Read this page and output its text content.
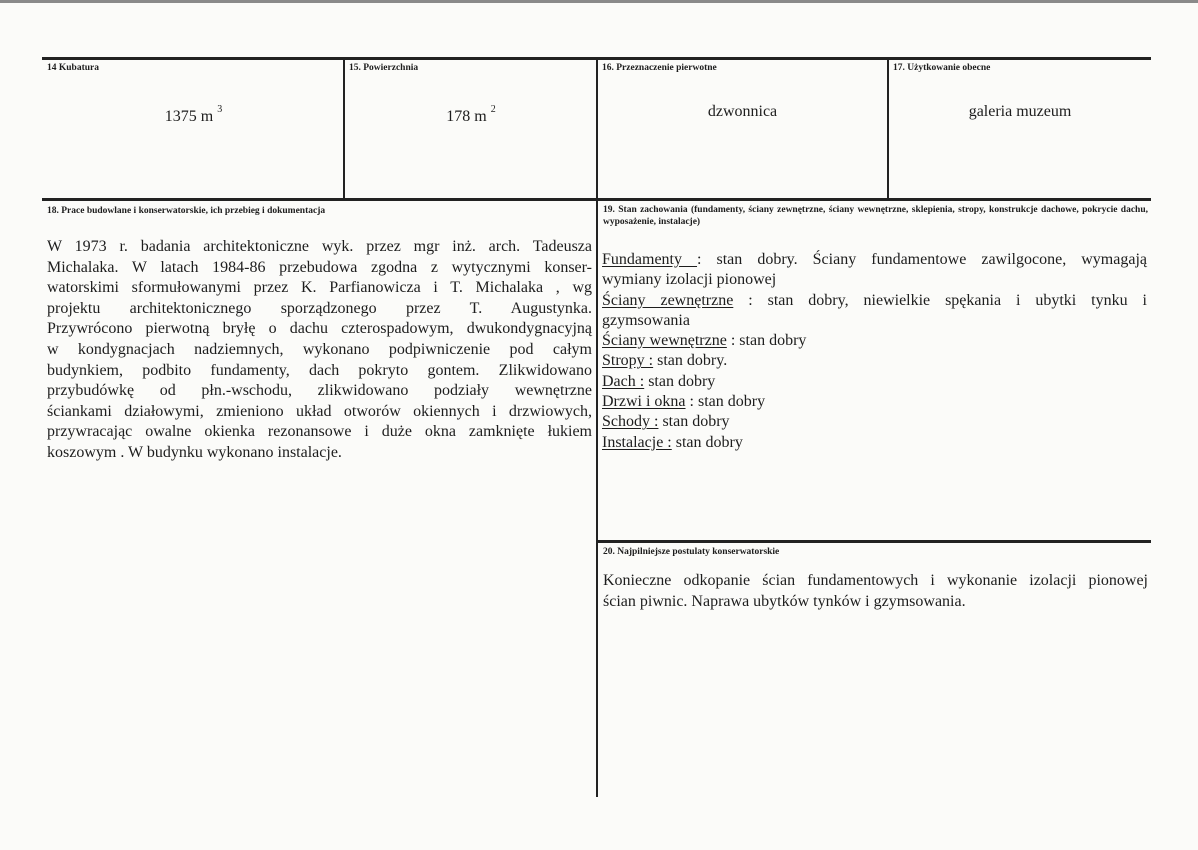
14 Kubatura
1375 m $^3$
15. Powierzchnia
178 m $^2$
16. Przeznaczenie pierwotne
dzwonnica
17. Użytkowanie obecne
galeria muzeum
18. Prace budowlane i konserwatorskie, ich przebieg i dokumentacja
W 1973 r. badania architektoniczne wyk. przez mgr inż. arch. Tadeusza
Michalaka. W latach 1984-86 przebudowa zgodna z wytycznymi konser-
watorskimi sformułowanymi przez K. Parfianowicza i T. Michalaka , wg
projektu architektonicznego sporządzonego przez T. Augustynka.
Przywrócono pierwotną bryłę o dachu czterospadowym, dwukondygnacyjną
w kondygnacjach nadziemnych, wykonano podpiwniczenie pod całym
budynkiem, podbito fundamenty, dach pokryto gontem. Zlikwidowano
przybudówkę od płn.-wschodu, zlikwidowano podziały wewnętrzne
ściankami działowymi, zmieniono układ otworów okiennych i drzwiowych,
przywracając owalne okienka rezonansowe i duże okna zamknięte łukiem
koszowym . W budynku wykonano instalacje.
19. Stan zachowania (fundamenty, ściany zewnętrzne, ściany wewnętrzne, sklepienia, stropy, konstrukcje dachowe, pokrycie dachu, wyposażenie, instalacje)
Fundamenty : stan dobry. Ściany fundamentowe zawilgocone, wymagają
wymiany izolacji pionowej
Ściany zewnętrzne : stan dobry, niewielkie spękania i ubytki tynku i
gzymsowania
Ściany wewnętrzne : stan dobry
Stropy : stan dobry.
Dach : stan dobry
Drzwi i okna : stan dobry
Schody : stan dobry
Instalacje : stan dobry
20. Najpilniejsze postulaty konserwatorskie
Konieczne odkopanie ścian fundamentowych i wykonanie izolacji pionowej
ścian piwnic. Naprawa ubytków tynków i gzymsowania.
